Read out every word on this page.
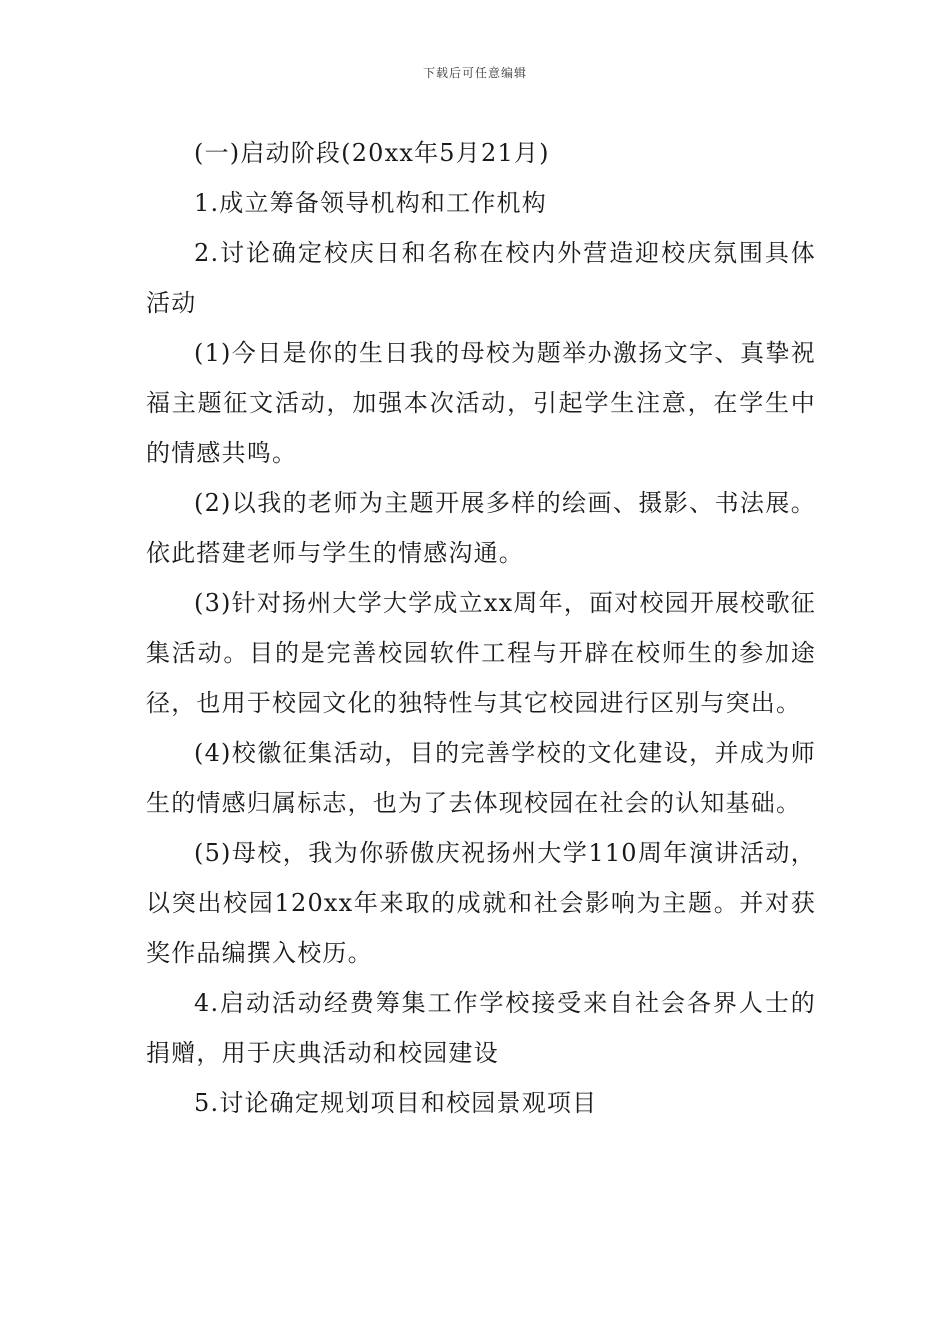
下载后可任意编辑

(一)启动阶段(20xx年5月21月)

1.成立筹备领导机构和工作机构

2.讨论确定校庆日和名称在校内外营造迎校庆氛围具体活动

(1)今日是你的生日我的母校为题举办激扬文字、真挚祝福主题征文活动，加强本次活动，引起学生注意，在学生中的情感共鸣。

(2)以我的老师为主题开展多样的绘画、摄影、书法展。依此搭建老师与学生的情感沟通。

(3)针对扬州大学大学成立xx周年，面对校园开展校歌征集活动。目的是完善校园软件工程与开辟在校师生的参加途径，也用于校园文化的独特性与其它校园进行区别与突出。

(4)校徽征集活动，目的完善学校的文化建设，并成为师生的情感归属标志，也为了去体现校园在社会的认知基础。

(5)母校，我为你骄傲庆祝扬州大学110周年演讲活动，以突出校园120xx年来取的成就和社会影响为主题。并对获奖作品编撰入校历。

4.启动活动经费筹集工作学校接受来自社会各界人士的捐赠，用于庆典活动和校园建设

5.讨论确定规划项目和校园景观项目
